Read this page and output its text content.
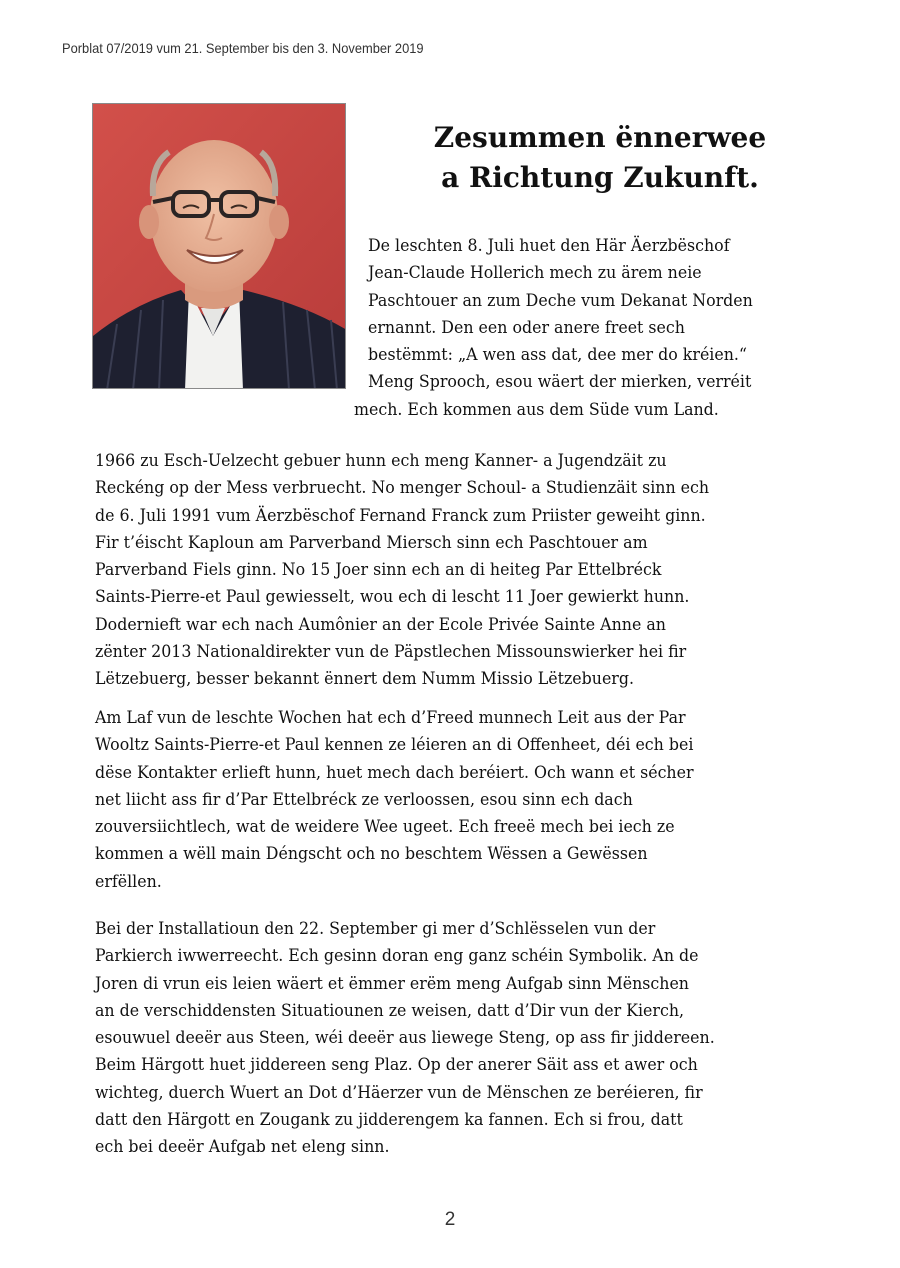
Porblat 07/2019 vum 21. September bis den 3. November 2019
Zesummen ënnerwee
a Richtung Zukunft.
De leschten 8. Juli huet den Här Äerzbëschof
Jean-Claude Hollerich mech zu ärem neie
Paschtouer an zum Deche vum Dekanat Norden
ernannt. Den een oder anere freet sech
bestëmmt: „A wen ass dat, dee mer do kréien.“
Meng Sprooch, esou wäert der mierken, verréit
mech. Ech kommen aus dem Süde vum Land.
1966 zu Esch-Uelzecht gebuer hunn ech meng Kanner- a Jugendzäit zu
Reckéng op der Mess verbruecht. No menger Schoul- a Studienzäit sinn ech
de 6. Juli 1991 vum Äerzbëschof Fernand Franck zum Priister geweiht ginn.
Fir t’éischt Kaploun am Parverband Miersch sinn ech Paschtouer am
Parverband Fiels ginn. No 15 Joer sinn ech an di heiteg Par Ettelbréck
Saints-Pierre-et Paul gewiesselt, wou ech di lescht 11 Joer gewierkt hunn.
Doderniеft war ech nach Aumônier an der Ecole Privée Sainte Anne an
zënter 2013 Nationaldirekter vun de Päpstlechen Missounswierker hei fir
Lëtzebuerg, besser bekannt ënnert dem Numm Missio Lëtzebuerg.
Am Laf vun de leschte Wochen hat ech d’Freed munnech Leit aus der Par
Wooltz Saints-Pierre-et Paul kennen ze léieren an di Offenheet, déi ech bei
dëse Kontakter erlieft hunn, huet mech dach beréiert. Och wann et sécher
net liicht ass fir d’Par Ettelbréck ze verloossen, esou sinn ech dach
zouversiichtlech, wat de weidere Wee ugeet. Ech freeë mech bei iech ze
kommen a wëll main Déngscht och no beschtem Wëssen a Gewëssen
erfëllen.
Bei der Installatioun den 22. September gi mer d’Schlësselen vun der
Parkierch iwwerreecht. Ech gesinn doran eng ganz schéin Symbolik. An de
Joren di vrun eis leien wäert et ëmmer erëm meng Aufgab sinn Mënschen
an de verschiddensten Situatiounen ze weisen, datt d’Dir vun der Kierch,
esouwuel deeër aus Steen, wéi deeër aus liewege Steng, op ass fir jiddereen.
Beim Härgott huet jiddereen seng Plaz. Op der anerer Säit ass et awer och
wichteg, duerch Wuert an Dot d’Häerzer vun de Mënschen ze beréieren, fir
datt den Härgott en Zougank zu jidderengem ka fannen. Ech si frou, datt
ech bei deeër Aufgab net eleng sinn.
2
